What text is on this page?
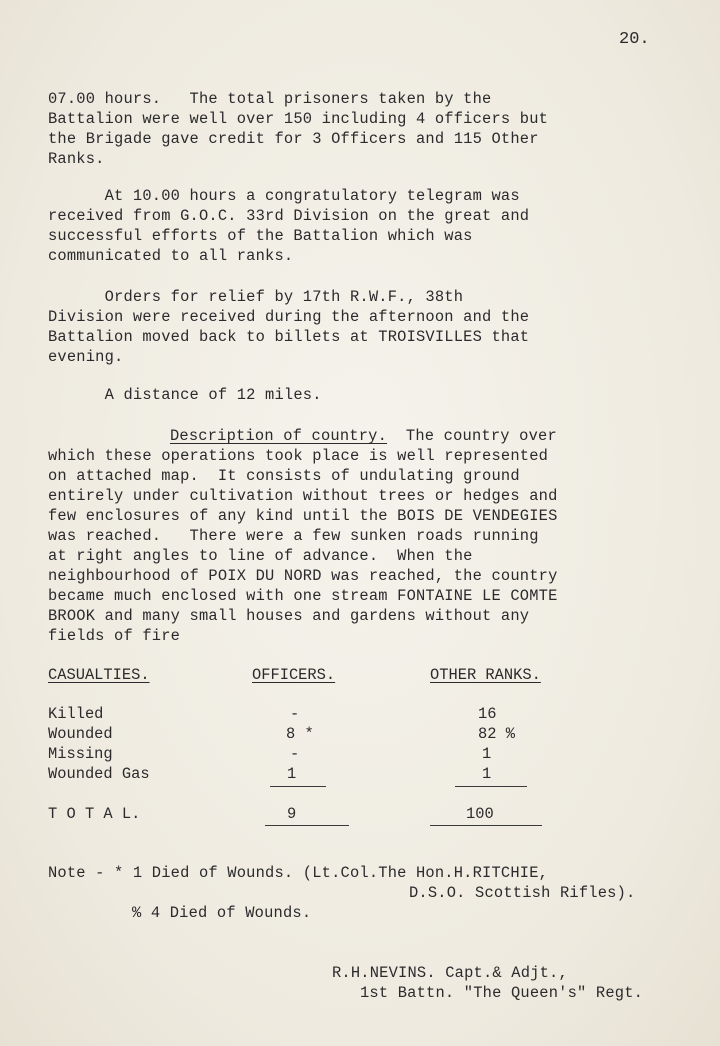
20.

07.00 hours.   The total prisoners taken by the

Battalion were well over 150 including 4 officers but

the Brigade gave credit for 3 Officers and 115 Other

Ranks.

At 10.00 hours a congratulatory telegram was

received from G.O.C. 33rd Division on the great and

successful efforts of the Battalion which was

communicated to all ranks.

Orders for relief by 17th R.W.F., 38th

Division were received during the afternoon and the

Battalion moved back to billets at TROISVILLES that

evening.

A distance of 12 miles.

Description of country.  The country over

which these operations took place is well represented

on attached map.  It consists of undulating ground

entirely under cultivation without trees or hedges and

few enclosures of any kind until the BOIS DE VENDEGIES

was reached.   There were a few sunken roads running

at right angles to line of advance.  When the

neighbourhood of POIX DU NORD was reached, the country

became much enclosed with one stream FONTAINE LE COMTE

BROOK and many small houses and gardens without any

fields of fire

CASUALTIES.	OFFICERS.	OTHER RANKS.

Killed	-	16

Wounded	8 *	82 %

Missing	-	1

Wounded Gas	1	1

T O T A L.	9	100

Note - * 1 Died of Wounds. (Lt.Col.The Hon.H.RITCHIE,

D.S.O. Scottish Rifles).

% 4 Died of Wounds.

R.H.NEVINS. Capt.& Adjt.,

1st Battn. "The Queen's" Regt.
